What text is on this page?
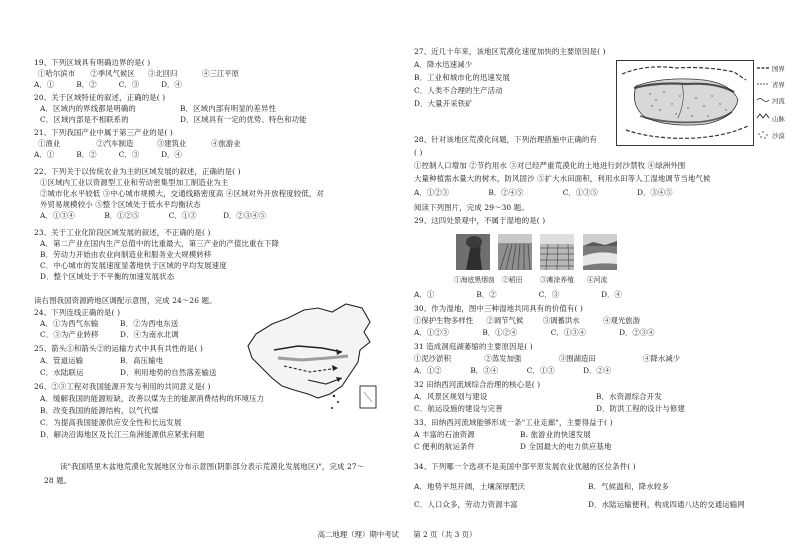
19、下列区域具有明确边界的是( )
①哈尔滨市 ②季风气候区 ③北回归	④三江平原
A．①	B．②	C．③	D．④
20、关于区域特征的叙述，正确的是( )
A．区域内的界线都是明确的	B．区域内部有明显的差异性
C．区域内部是不相联系的	D．区域具有一定的优势、特色和功能
21、下列我国产业中属于第三产业的是( )
①渔业	②汽车制造	③建筑业	④旅游业
A．①	B．②	C．③	D．④
22、下列关于以传统农业为主的区域发展的叙述，正确的是( )
①区域内工业以资源型工业和劳动密集型加工制造业为主
②城市化水平较低 ③中心城市规模大，交通线路密度高 ④区域对外开放程度较低，对
外贸易规模较小 ⑤整个区域处于低水平均衡状态
A．①③④	B．①②⑤	C．①③	D．②③④⑤
23、关于工业化阶段区域发展的叙述，不正确的是( )
A．第二产业在国内生产总值中的比重最大，第三产业的产值比重在下降
B．劳动力开始由农业向制造业和服务业大规模转移
C．中心城市的发展速度显著地快于区域的平均发展速度
D．整个区域处于不平衡的加速发展状态
读右图我国资源跨地区调配示意图，完成 24～26 题。
24、下列连线正确的是( )
A．①为西气东输	B．②为西电东送
C．③为产业转移	D．④为南水北调
25、箭头①和箭头②的运输方式中具有共性的是( )
A．管道运输	B．高压输电
C．水陆联运	D．利用地势的自然落差输送
26、②③工程对我国能源开发与利用的共同意义是( )
A．缓解我国的能源短缺，改善以煤为主的能源消费结构的环境压力
B．改变我国的能源结构，以气代煤
C．为提高我国能源供应安全性和长远发展
D．解决沿海地区及长江三角洲能源供应紧张问题
读"我国塔里木盆地荒漠化发展地区分布示意图(阴影部分表示荒漠化发展地区)"，完成 27～
28 题。
27、近几十年来，该地区荒漠化速度加快的主要原因是( )
A．降水迅速减少
B．工业和城市化的迅速发展
C．人类不合理的生产活动
D．大量开采铁矿
28、针对该地区荒漠化问题，下列治理措施中正确的有
( )
①控制人口增加 ②节约用水 ③对已经严重荒漠化的土地进行封沙禁牧 ④绿洲外围
大量种植需水量大的树木，防风固沙 ⑤扩大水田面积，利用水田等人工湿地调节当地气候
A．①②③	B．②④⑤	C．①③⑤	D．③④⑤
阅读下列图片，完成 29～30 题。
29、这四处景观中，不属于湿地的是( )
①海底黑烟囱 ②稻田	③滩涂养殖 ④河流
A．①	B．②	C．③	D．④
30、作为湿地，图中三种湿地共同具有的价值有( )
①保护生物多样性 ②调节气候	③调蓄洪水	④观光旅游
A．①②③	B．①②④	C．①③④	D．②③④
31 造成洞庭湖萎缩的主要原因是( )
①泥沙淤积	②蒸发加强	③围湖造田	④降水减少
A．①②	B．③④	C．①③	D．②④
32 田纳西河流域综合治理的核心是( )
A．风景区规划与建设	B．水资源综合开发
C．航运设施的建设与完善	D．防洪工程的设计与修建
33、田纳西河流域能够形成一条"工业走廊"，主要得益于( )
A 丰富的石油资源	B. 旅游业的快速发展
C 便利的航运条件	D 全国最大的电力供应基地
34、下列哪一个选项不是美国中部平原发展农业优越的区位条件( )
A．地势平坦开阔，土壤深厚肥沃	B．气候温和，降水较多
C．人口众多，劳动力资源丰富	D．水陆运输便利，构成四通八达的交通运输网
国界
省界
河流
山脉
沙漠
高二地理（理）期中考试 第 2 页（共 3 页）
